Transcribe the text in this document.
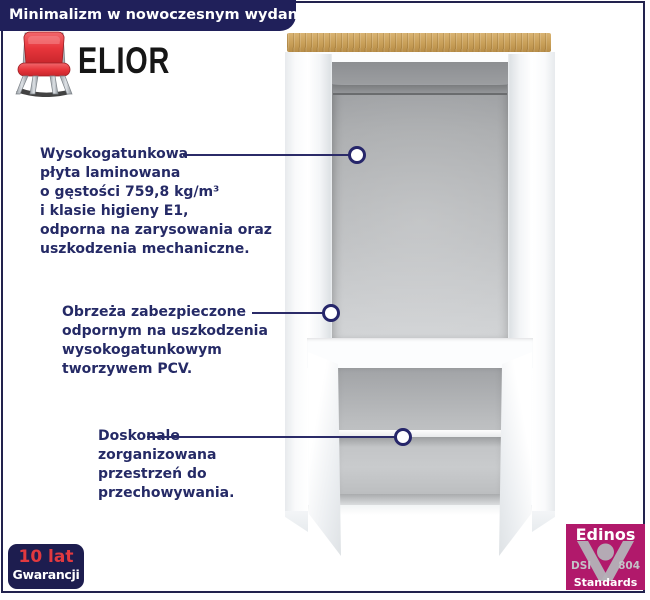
Minimalizm w nowoczesnym wydaniu
ELIOR
Wysokogatunkowa
płyta laminowana
o gęstości 759,8 kg/m³
i klasie higieny E1,
odporna na zarysowania oraz
uszkodzenia mechaniczne.
Obrzeża zabezpieczone
odpornym na uszkodzenia
wysokogatunkowym
tworzywem PCV.
Doskonale
zorganizowana
przestrzeń do
przechowywania.
10 lat
Gwarancji
Edinos
DSI	804
Standards
